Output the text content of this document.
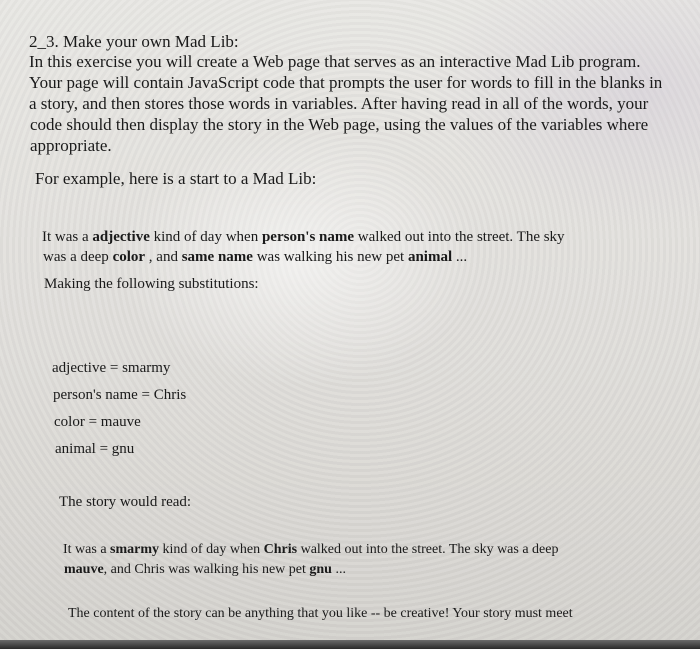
2_3. Make your own Mad Lib:
In this exercise you will create a Web page that serves as an interactive Mad Lib program.
Your page will contain JavaScript code that prompts the user for words to fill in the blanks in
a story, and then stores those words in variables. After having read in all of the words, your
code should then display the story in the Web page, using the values of the variables where
appropriate.
For example, here is a start to a Mad Lib:
It was a adjective kind of day when person's name walked out into the street. The sky
was a deep color , and same name was walking his new pet animal ...
Making the following substitutions:
adjective = smarmy
person's name = Chris
color = mauve
animal = gnu
The story would read:
It was a smarmy kind of day when Chris walked out into the street. The sky was a deep
mauve, and Chris was walking his new pet gnu ...
The content of the story can be anything that you like -- be creative! Your story must meet
